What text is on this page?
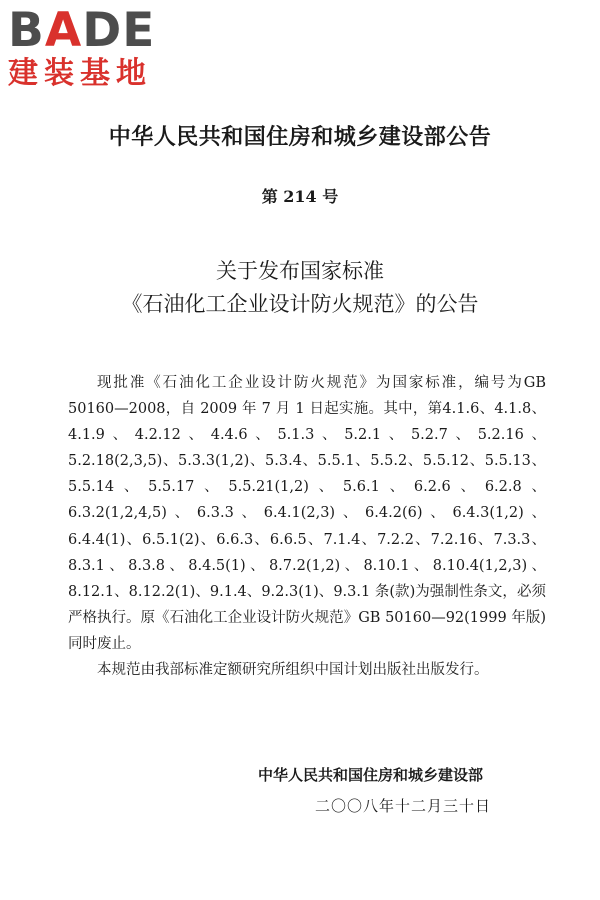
BADE
建装基地
中华人民共和国住房和城乡建设部公告
第 214 号
关于发布国家标准
《石油化工企业设计防火规范》的公告

现批准《石油化工企业设计防火规范》为国家标准，编号为GB 50160—2008，自 2009 年 7 月 1 日起实施。其中，第4.1.6、4.1.8、4.1.9、4.2.12、4.4.6、5.1.3、5.2.1、5.2.7、5.2.16、5.2.18(2,3,5)、5.3.3(1,2)、5.3.4、5.5.1、5.5.2、5.5.12、5.5.13、5.5.14、5.5.17、5.5.21(1,2)、5.6.1、6.2.6、6.2.8、6.3.2(1,2,4,5)、6.3.3、6.4.1(2,3)、6.4.2(6)、6.4.3(1,2)、6.4.4(1)、6.5.1(2)、6.6.3、6.6.5、7.1.4、7.2.2、7.2.16、7.3.3、8.3.1、8.3.8、8.4.5(1)、8.7.2(1,2)、8.10.1、8.10.4(1,2,3)、8.12.1、8.12.2(1)、9.1.4、9.2.3(1)、9.3.1 条(款)为强制性条文，必须严格执行。原《石油化工企业设计防火规范》GB 50160—92(1999 年版)同时废止。

本规范由我部标准定额研究所组织中国计划出版社出版发行。

中华人民共和国住房和城乡建设部
二〇〇八年十二月三十日
